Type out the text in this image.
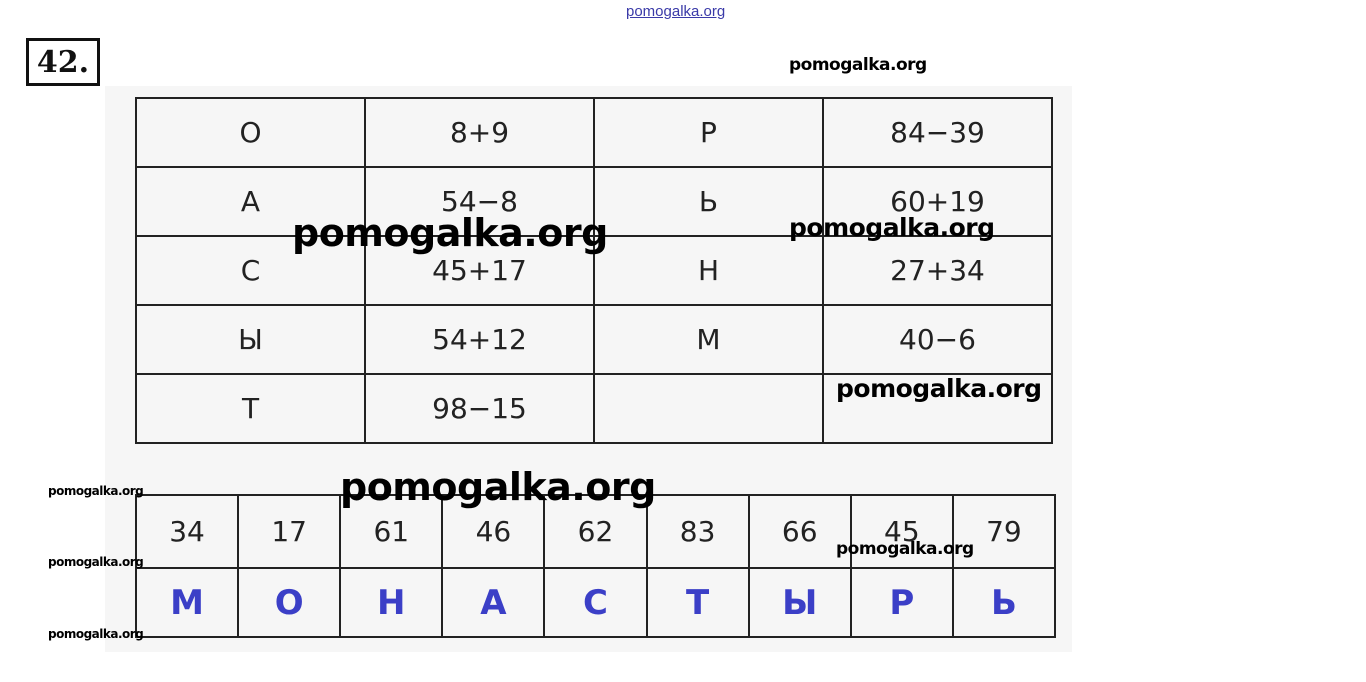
pomogalka.org
42.
О	8+9	Р	84−39
А	54−8	Ь	60+19
С	45+17	Н	27+34
Ы	54+12	М	40−6
Т	98−15		
34	17	61	46	62	83	66	45	79
М	О	Н	А	С	Т	Ы	Р	Ь
pomogalka.org
pomogalka.org	pomogalka.org
pomogalka.org
pomogalka.org
pomogalka.org
pomogalka.org
pomogalka.org
pomogalka.org
